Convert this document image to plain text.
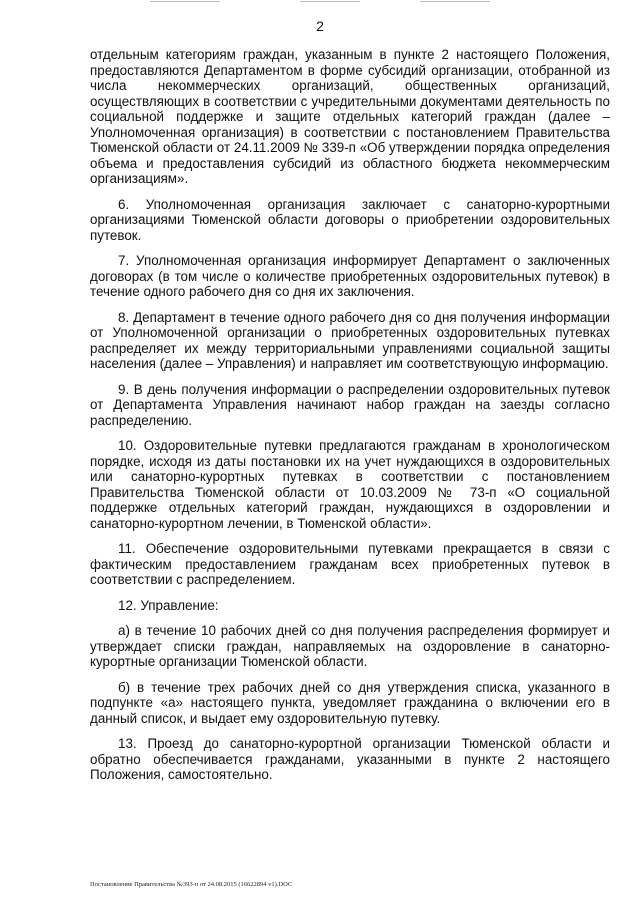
2

отдельным категориям граждан, указанным в пункте 2 настоящего Положения, предоставляются Департаментом в форме субсидий организации, отобранной из числа некоммерческих организаций, общественных организаций, осуществляющих в соответствии с учредительными документами деятельность по социальной поддержке и защите отдельных категорий граждан (далее – Уполномоченная организация) в соответствии с постановлением Правительства Тюменской области от 24.11.2009 № 339-п «Об утверждении порядка определения объема и предоставления субсидий из областного бюджета некоммерческим организациям».

6. Уполномоченная организация заключает с санаторно-курортными организациями Тюменской области договоры о приобретении оздоровительных путевок.

7. Уполномоченная организация информирует Департамент о заключенных договорах (в том числе о количестве приобретенных оздоровительных путевок) в течение одного рабочего дня со дня их заключения.

8. Департамент в течение одного рабочего дня со дня получения информации от Уполномоченной организации о приобретенных оздоровительных путевках распределяет их между территориальными управлениями социальной защиты населения (далее – Управления) и направляет им соответствующую информацию.

9. В день получения информации о распределении оздоровительных путевок от Департамента Управления начинают набор граждан на заезды согласно распределению.

10. Оздоровительные путевки предлагаются гражданам в хронологическом порядке, исходя из даты постановки их на учет нуждающихся в оздоровительных или санаторно-курортных путевках в соответствии с постановлением Правительства Тюменской области от 10.03.2009 № 73-п «О социальной поддержке отдельных категорий граждан, нуждающихся в оздоровлении и санаторно-курортном лечении, в Тюменской области».

11. Обеспечение оздоровительными путевками прекращается в связи с фактическим предоставлением гражданам всех приобретенных путевок в соответствии с распределением.

12. Управление:

а) в течение 10 рабочих дней со дня получения распределения формирует и утверждает списки граждан, направляемых на оздоровление в санаторно-курортные организации Тюменской области.

б) в течение трех рабочих дней со дня утверждения списка, указанного в подпункте «а» настоящего пункта, уведомляет гражданина о включении его в данный список, и выдает ему оздоровительную путевку.

13. Проезд до санаторно-курортной организации Тюменской области и обратно обеспечивается гражданами, указанными в пункте 2 настоящего Положения, самостоятельно.

Постановление Правительства №393-п от 24.08.2015 (16622894 v1).DOC
